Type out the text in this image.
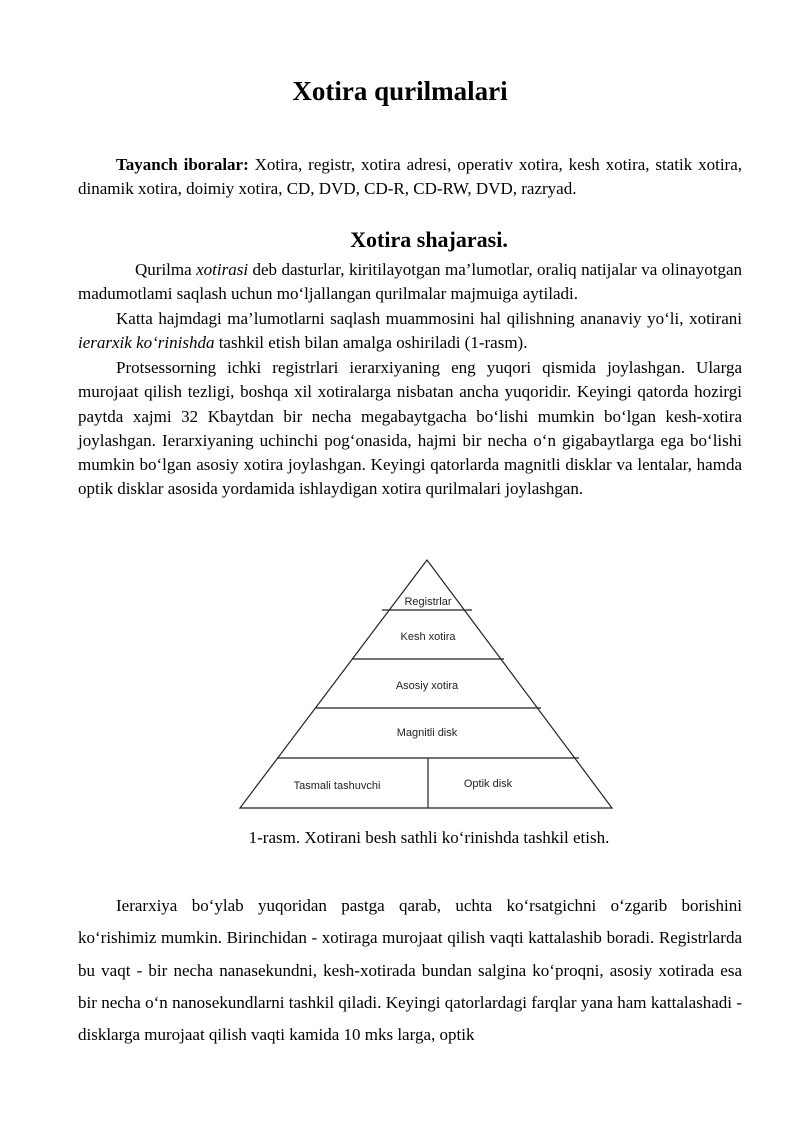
Xotira qurilmalari

Tayanch iboralar: Xotira, registr, xotira adresi, operativ xotira, kesh xotira, statik xotira, dinamik xotira, doimiy xotira, CD, DVD, CD-R, CD-RW, DVD, razryad.

Xotira shajarasi.

Qurilma xotirasi deb dasturlar, kiritilayotgan ma’lumotlar, oraliq natijalar va olinayotgan madumotlami saqlash uchun mo‘ljallangan qurilmalar majmuiga aytiladi.

Katta hajmdagi ma’lumotlarni saqlash muammosini hal qilishning ananaviy yo‘li, xotirani ierarxik ko‘rinishda tashkil etish bilan amalga oshiriladi (1-rasm).

Protsessorning ichki registrlari ierarxiyaning eng yuqori qismida joylashgan. Ularga murojaat qilish tezligi, boshqa xil xotiralarga nisbatan ancha yuqoridir. Keyingi qatorda hozirgi paytda xajmi 32 Kbaytdan bir necha megabaytgacha bo‘lishi mumkin bo‘lgan kesh-xotira joylashgan. Ierarxiyaning uchinchi pog‘onasida, hajmi bir necha o‘n gigabaytlarga ega bo‘lishi mumkin bo‘lgan asosiy xotira joylashgan. Keyingi qatorlarda magnitli disklar va lentalar, hamda optik disklar asosida yordamida ishlaydigan xotira qurilmalari joylashgan.

Registrlar
Kesh xotira
Asosiy xotira
Magnitli disk
Tasmali tashuvchi	Optik disk

1-rasm. Xotirani besh sathli ko‘rinishda tashkil etish.

Ierarxiya bo‘ylab yuqoridan pastga qarab, uchta ko‘rsatgichni o‘zgarib borishini ko‘rishimiz mumkin. Birinchidan - xotiraga murojaat qilish vaqti kattalashib boradi. Registrlarda bu vaqt - bir necha nanasekundni, kesh-xotirada bundan salgina ko‘proqni, asosiy xotirada esa bir necha o‘n nanosekundlarni tashkil qiladi. Keyingi qatorlardagi farqlar yana ham kattalashadi - disklarga murojaat qilish vaqti kamida 10 mks larga, optik
